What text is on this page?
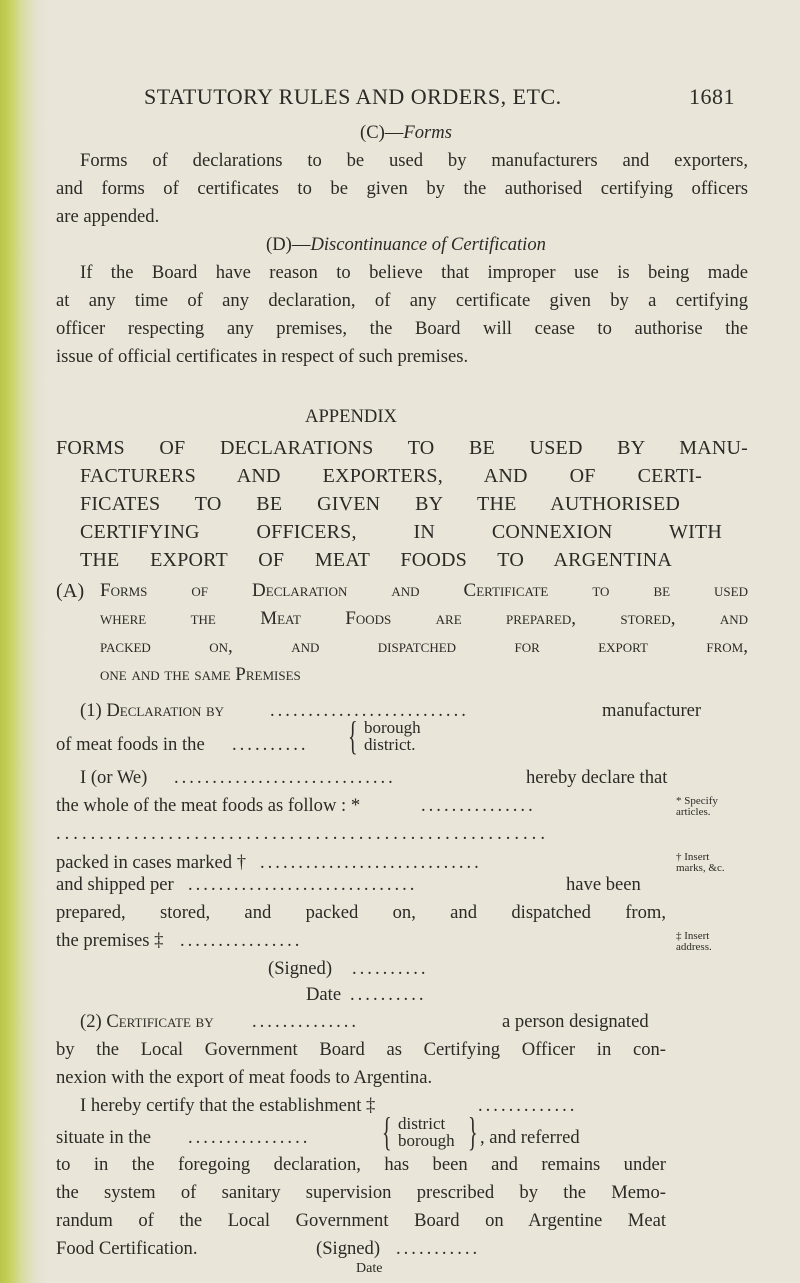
STATUTORY RULES AND ORDERS, ETC.	1681
(C)—Forms
Forms of declarations to be used by manufacturers and exporters,
and forms of certificates to be given by the authorised certifying officers
are appended.
(D)—Discontinuance of Certification
If the Board have reason to believe that improper use is being made
at any time of any declaration, of any certificate given by a certifying
officer respecting any premises, the Board will cease to authorise the
issue of official certificates in respect of such premises.
APPENDIX
FORMS OF DECLARATIONS TO BE USED BY MANU-
FACTURERS AND EXPORTERS, AND OF CERTI-
FICATES TO BE GIVEN BY THE AUTHORISED
CERTIFYING OFFICERS, IN CONNEXION WITH
THE EXPORT OF MEAT FOODS TO ARGENTINA
(A) Forms of Declaration and Certificate to be used
where the Meat Foods are prepared, stored, and
packed on, and dispatched for export from,
one and the same Premises
(1) Declaration by ..........................	manufacturer
of meat foods in the .......... { borough
district.
I (or We) .............................	hereby declare that
the whole of the meat foods as follow : *	...............	* Specify
articles.
.........................................................
packed in cases marked † .............................	† Insert
marks, &c.
and shipped per ..............................	have been
prepared, stored, and packed on, and dispatched from,
the premises ‡ ................	‡ Insert
address.
(Signed) ..........
Date ..........
(2) Certificate by ..............	a person designated
by the Local Government Board as Certifying Officer in con-
nexion with the export of meat foods to Argentina.
I hereby certify that the establishment ‡	.............
situate in the ................ { district
borough } , and referred
to in the foregoing declaration, has been and remains under
the system of sanitary supervision prescribed by the Memo-
randum of the Local Government Board on Argentine Meat
Food Certification.	(Signed) ...........
Date
